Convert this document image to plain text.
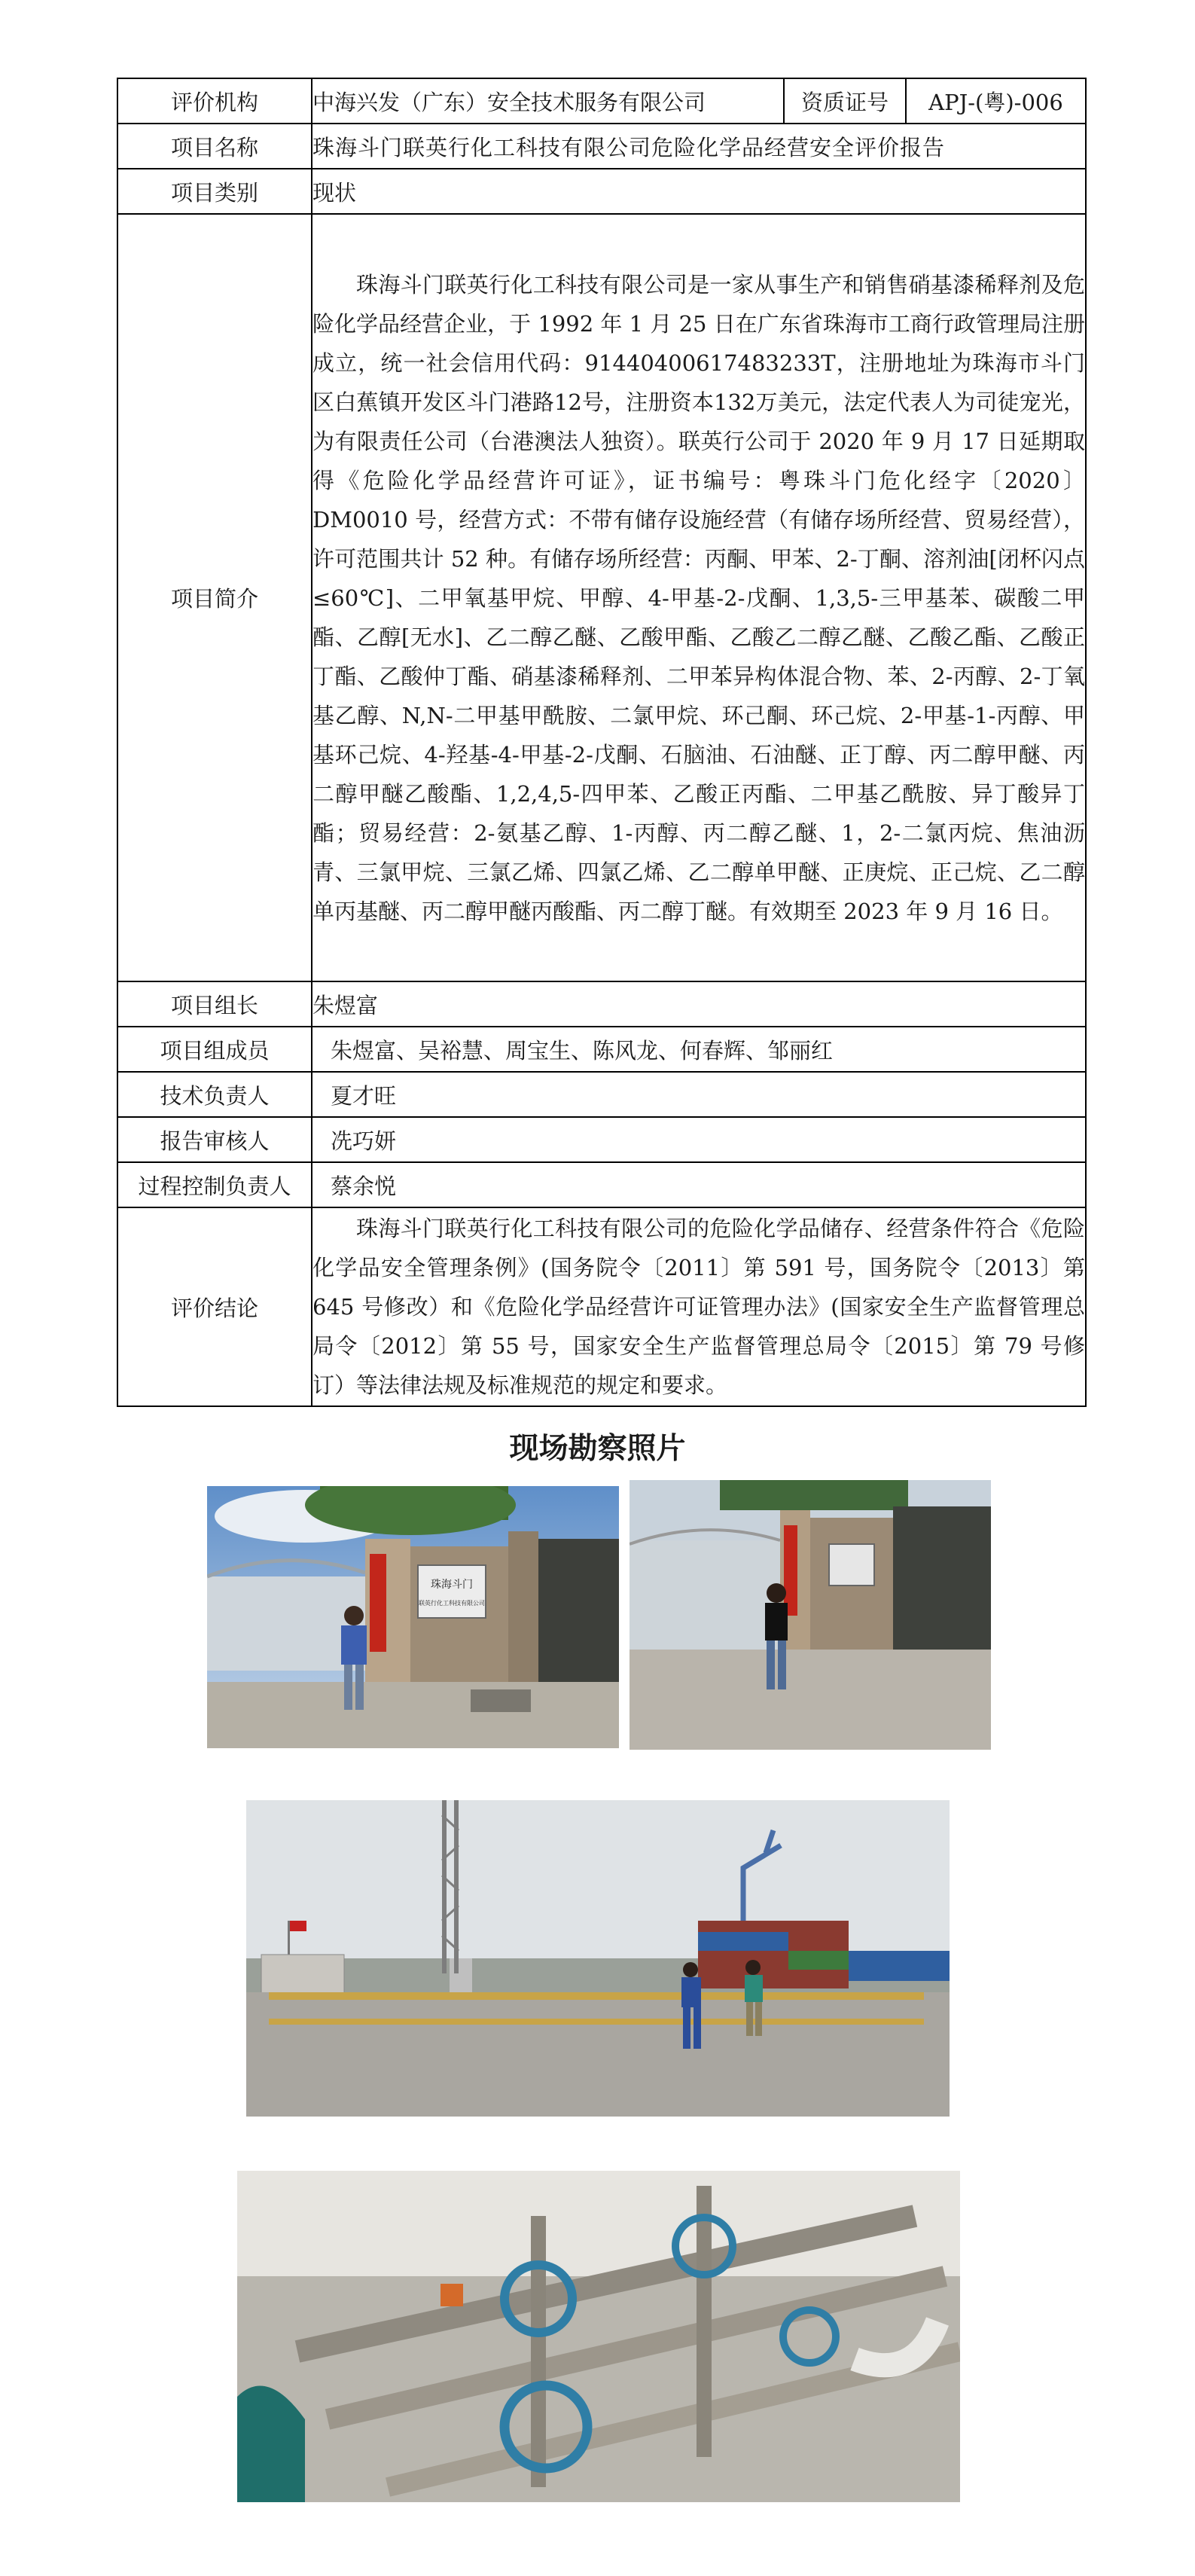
评价机构	中海兴发（广东）安全技术服务有限公司	资质证号	APJ-(粤)-006
项目名称	珠海斗门联英行化工科技有限公司危险化学品经营安全评价报告		
项目类别	现状		
项目简介	珠海斗门联英行化工科技有限公司是一家从事生产和销售硝基漆稀释剂及危险化学品经营企业，于 1992 年 1 月 25 日在广东省珠海市工商行政管理局注册成立，统一社会信用代码：91440400617483233T，注册地址为珠海市斗门区白蕉镇开发区斗门港路12号，注册资本132万美元，法定代表人为司徒宠光，为有限责任公司（台港澳法人独资）。联英行公司于 2020 年 9 月 17 日延期取得《危险化学品经营许可证》，证书编号：粤珠斗门危化经字〔2020〕DM0010 号，经营方式：不带有储存设施经营（有储存场所经营、贸易经营），许可范围共计 52 种。有储存场所经营：丙酮、甲苯、2-丁酮、溶剂油[闭杯闪点≤60℃]、二甲氧基甲烷、甲醇、4-甲基-2-戊酮、1,3,5-三甲基苯、碳酸二甲酯、乙醇[无水]、乙二醇乙醚、乙酸甲酯、乙酸乙二醇乙醚、乙酸乙酯、乙酸正丁酯、乙酸仲丁酯、硝基漆稀释剂、二甲苯异构体混合物、苯、2-丙醇、2-丁氧基乙醇、N,N-二甲基甲酰胺、二氯甲烷、环己酮、环己烷、2-甲基-1-丙醇、甲基环己烷、4-羟基-4-甲基-2-戊酮、石脑油、石油醚、正丁醇、丙二醇甲醚、丙二醇甲醚乙酸酯、1,2,4,5-四甲苯、乙酸正丙酯、二甲基乙酰胺、异丁酸异丁酯；贸易经营：2-氨基乙醇、1-丙醇、丙二醇乙醚、1，2-二氯丙烷、焦油沥青、三氯甲烷、三氯乙烯、四氯乙烯、乙二醇单甲醚、正庚烷、正己烷、乙二醇单丙基醚、丙二醇甲醚丙酸酯、丙二醇丁醚。有效期至 2023 年 9 月 16 日。		

项目组长	朱煜富		
项目组成员	朱煜富、吴裕慧、周宝生、陈风龙、何春辉、邹丽红		
技术负责人	夏才旺		
报告审核人	冼巧妍		
过程控制负责人	蔡余悦		
评价结论	珠海斗门联英行化工科技有限公司的危险化学品储存、经营条件符合《危险化学品安全管理条例》(国务院令〔2011〕第 591 号，国务院令〔2013〕第 645 号修改）和《危险化学品经营许可证管理办法》(国家安全生产监督管理总局令〔2012〕第 55 号，国家安全生产监督管理总局令〔2015〕第 79 号修订）等法律法规及标准规范的规定和要求。		
现场勘察照片
珠海斗门
联英行化工科技有限公司
